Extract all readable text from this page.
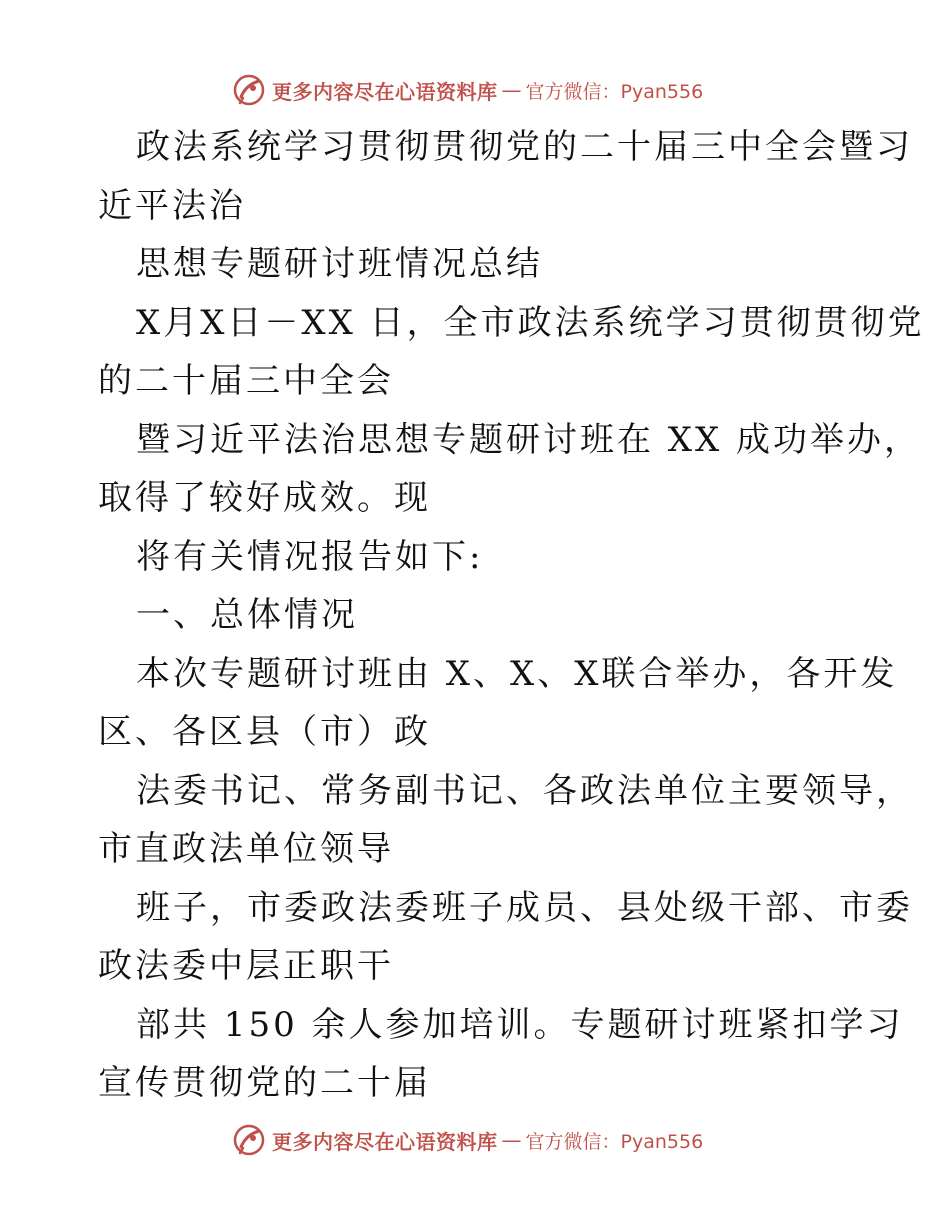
更多内容尽在心语资料库 — 官方微信：Pyan556
政法系统学习贯彻贯彻党的二十届三中全会暨习
近平法治
思想专题研讨班情况总结
X月X日－XX 日，全市政法系统学习贯彻贯彻党
的二十届三中全会
暨习近平法治思想专题研讨班在 XX 成功举办，
取得了较好成效。现
将有关情况报告如下:
一、总体情况
本次专题研讨班由 X、X、X联合举办，各开发
区、各区县（市）政
法委书记、常务副书记、各政法单位主要领导，
市直政法单位领导
班子，市委政法委班子成员、县处级干部、市委
政法委中层正职干
部共 150 余人参加培训。专题研讨班紧扣学习
宣传贯彻党的二十届
更多内容尽在心语资料库 — 官方微信：Pyan556
